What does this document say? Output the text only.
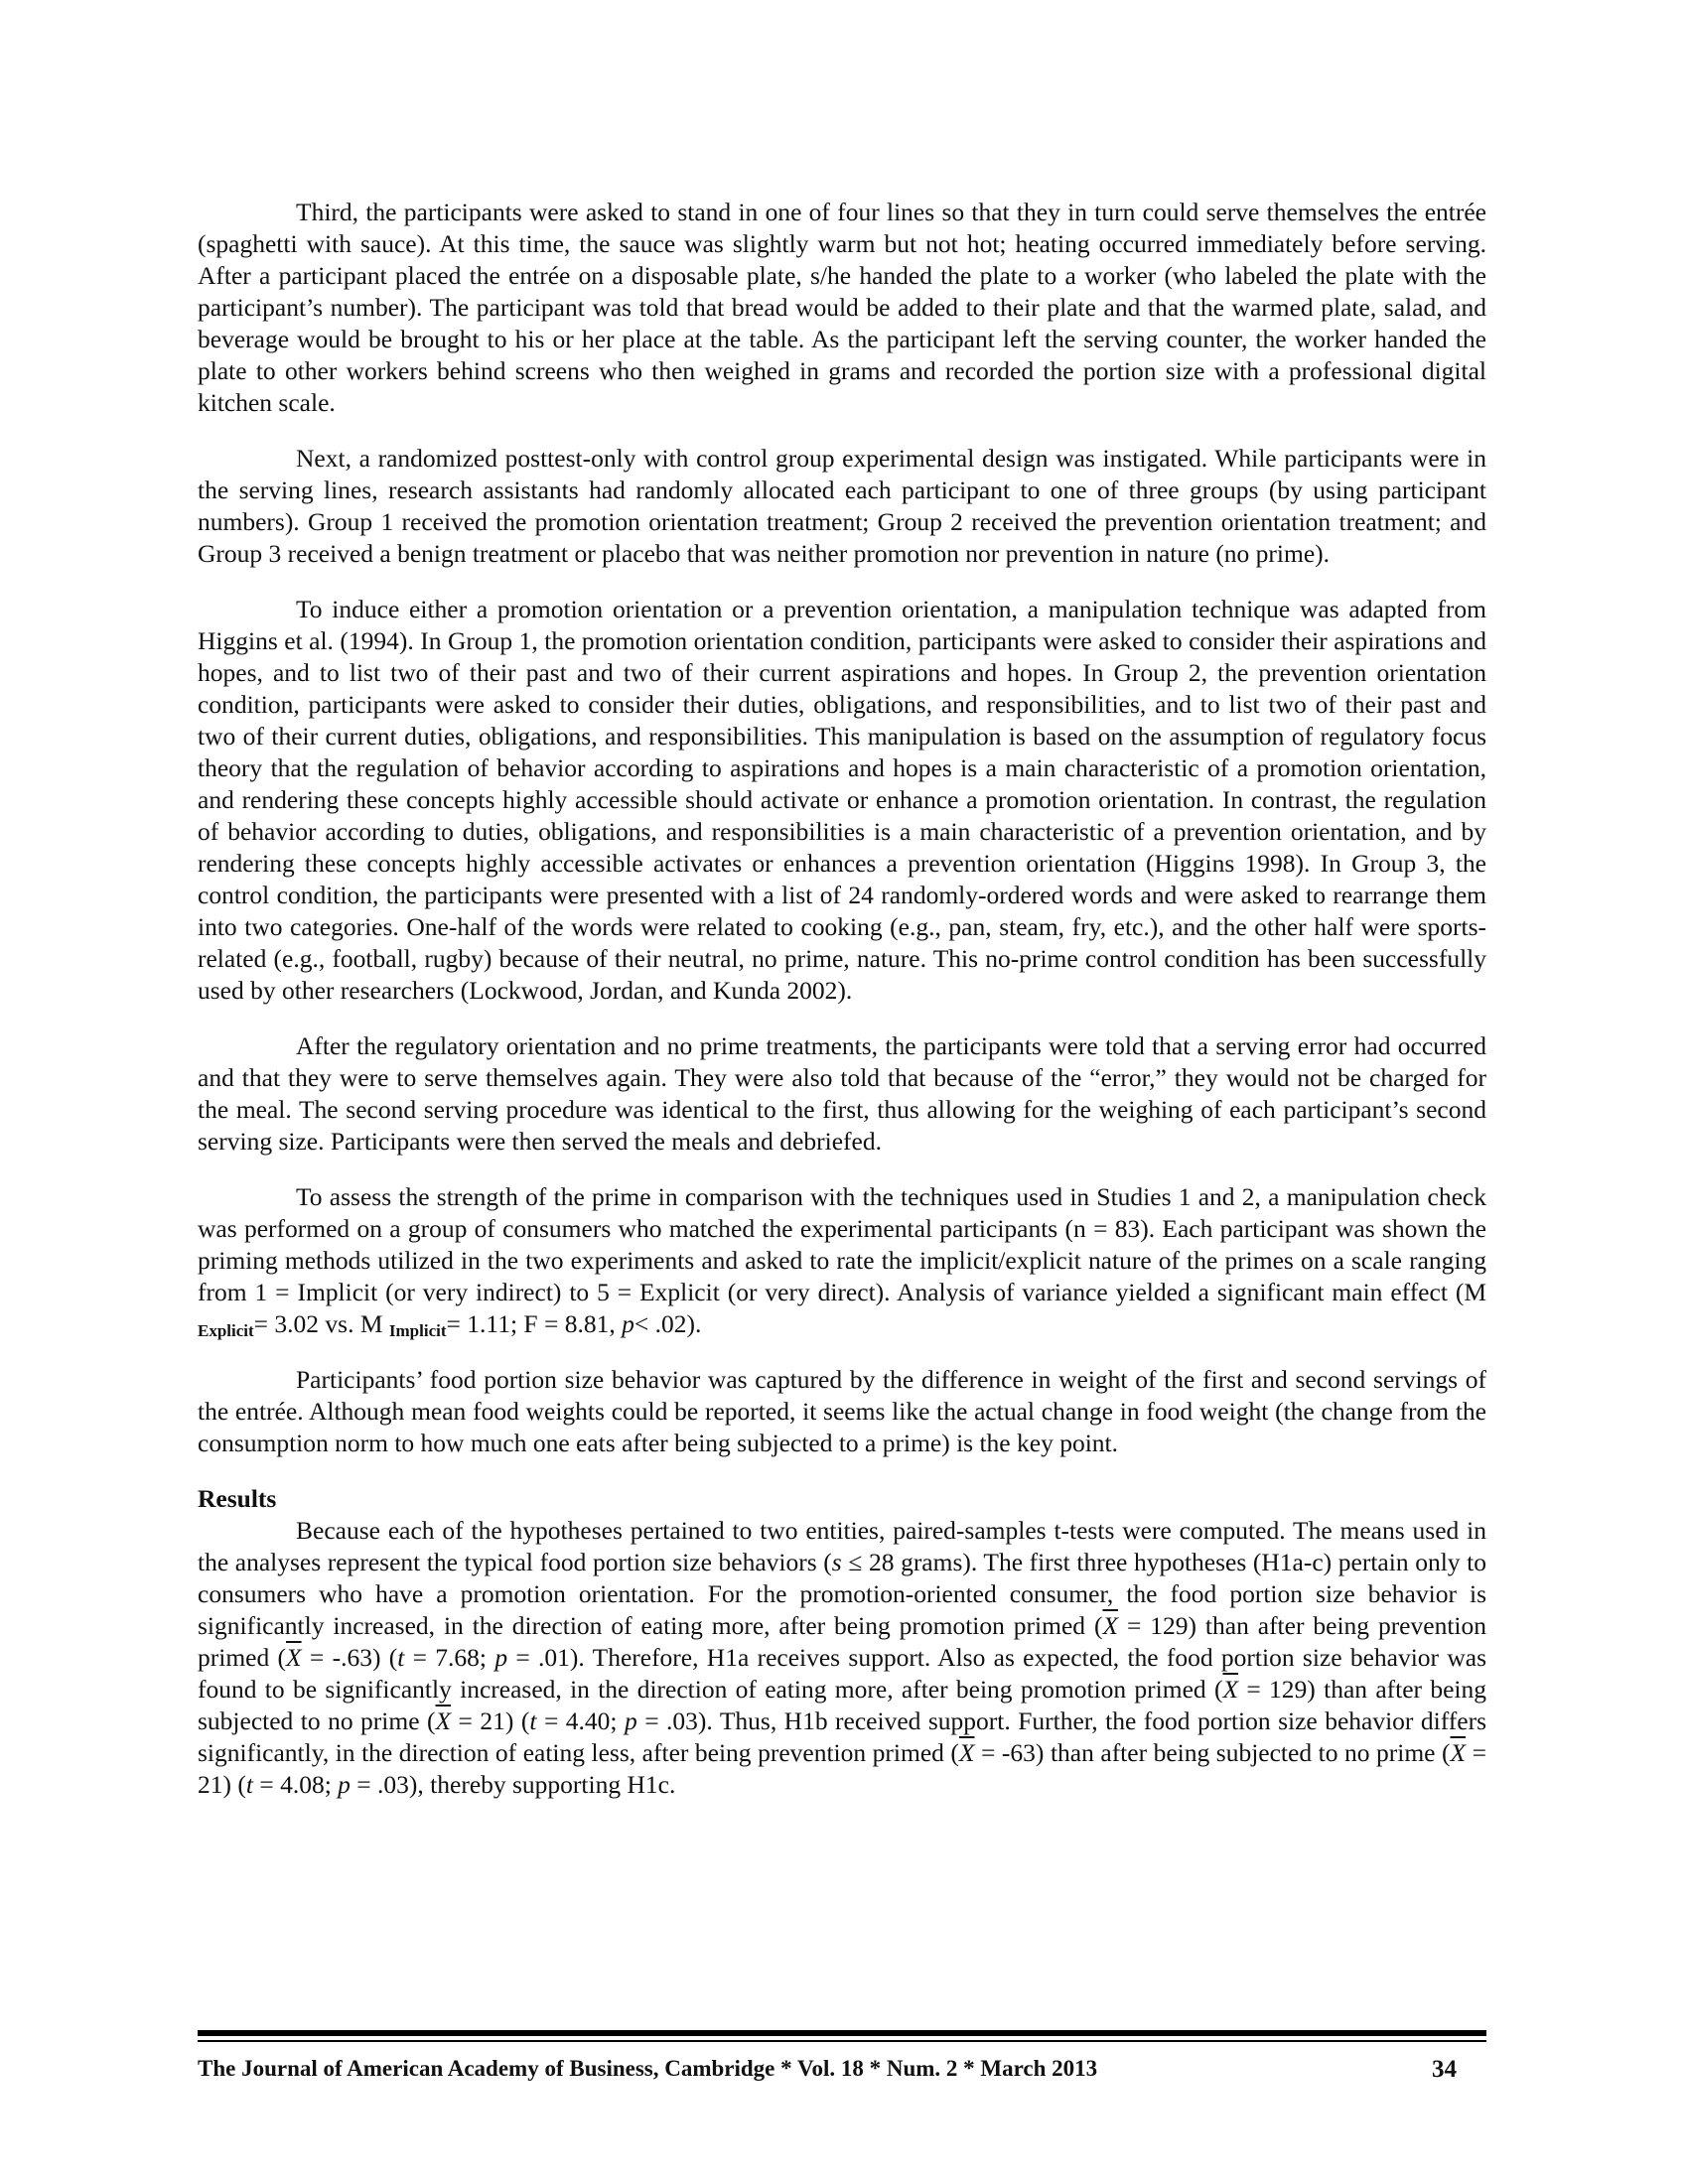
Third, the participants were asked to stand in one of four lines so that they in turn could serve themselves the entrée (spaghetti with sauce). At this time, the sauce was slightly warm but not hot; heating occurred immediately before serving. After a participant placed the entrée on a disposable plate, s/he handed the plate to a worker (who labeled the plate with the participant’s number). The participant was told that bread would be added to their plate and that the warmed plate, salad, and beverage would be brought to his or her place at the table. As the participant left the serving counter, the worker handed the plate to other workers behind screens who then weighed in grams and recorded the portion size with a professional digital kitchen scale.

Next, a randomized posttest-only with control group experimental design was instigated. While participants were in the serving lines, research assistants had randomly allocated each participant to one of three groups (by using participant numbers). Group 1 received the promotion orientation treatment; Group 2 received the prevention orientation treatment; and Group 3 received a benign treatment or placebo that was neither promotion nor prevention in nature (no prime).

To induce either a promotion orientation or a prevention orientation, a manipulation technique was adapted from Higgins et al. (1994). In Group 1, the promotion orientation condition, participants were asked to consider their aspirations and hopes, and to list two of their past and two of their current aspirations and hopes. In Group 2, the prevention orientation condition, participants were asked to consider their duties, obligations, and responsibilities, and to list two of their past and two of their current duties, obligations, and responsibilities. This manipulation is based on the assumption of regulatory focus theory that the regulation of behavior according to aspirations and hopes is a main characteristic of a promotion orientation, and rendering these concepts highly accessible should activate or enhance a promotion orientation. In contrast, the regulation of behavior according to duties, obligations, and responsibilities is a main characteristic of a prevention orientation, and by rendering these concepts highly accessible activates or enhances a prevention orientation (Higgins 1998). In Group 3, the control condition, the participants were presented with a list of 24 randomly-ordered words and were asked to rearrange them into two categories. One-half of the words were related to cooking (e.g., pan, steam, fry, etc.), and the other half were sports-related (e.g., football, rugby) because of their neutral, no prime, nature. This no-prime control condition has been successfully used by other researchers (Lockwood, Jordan, and Kunda 2002).

After the regulatory orientation and no prime treatments, the participants were told that a serving error had occurred and that they were to serve themselves again. They were also told that because of the “error,” they would not be charged for the meal. The second serving procedure was identical to the first, thus allowing for the weighing of each participant’s second serving size. Participants were then served the meals and debriefed.

To assess the strength of the prime in comparison with the techniques used in Studies 1 and 2, a manipulation check was performed on a group of consumers who matched the experimental participants (n = 83). Each participant was shown the priming methods utilized in the two experiments and asked to rate the implicit/explicit nature of the primes on a scale ranging from 1 = Implicit (or very indirect) to 5 = Explicit (or very direct). Analysis of variance yielded a significant main effect (M $_{Explicit}$= 3.02 vs. M $_{Implicit}$= 1.11; F = 8.81, p< .02).

Participants’ food portion size behavior was captured by the difference in weight of the first and second servings of the entrée. Although mean food weights could be reported, it seems like the actual change in food weight (the change from the consumption norm to how much one eats after being subjected to a prime) is the key point.

Results

Because each of the hypotheses pertained to two entities, paired-samples t-tests were computed. The means used in the analyses represent the typical food portion size behaviors (s ≤ 28 grams). The first three hypotheses (H1a-c) pertain only to consumers who have a promotion orientation. For the promotion-oriented consumer, the food portion size behavior is significantly increased, in the direction of eating more, after being promotion primed $(\overline{X} = 129)$ than after being prevention primed $(\overline{X} = -.63) (t = 7.68$; p = .01). Therefore, H1a receives support. Also as expected, the food portion size behavior was found to be significantly increased, in the direction of eating more, after being promotion primed $(\overline{X} = 129)$ than after being subjected to no prime $(\overline{X} = 21) (t = 4.40$; p = .03). Thus, H1b received support. Further, the food portion size behavior differs significantly, in the direction of eating less, after being prevention primed $(\overline{X} = -63)$ than after being subjected to no prime $(\overline{X} = 21) (t = 4.08$; p = .03), thereby supporting H1c.

The Journal of American Academy of Business, Cambridge * Vol. 18 * Num. 2 * March 2013	34
